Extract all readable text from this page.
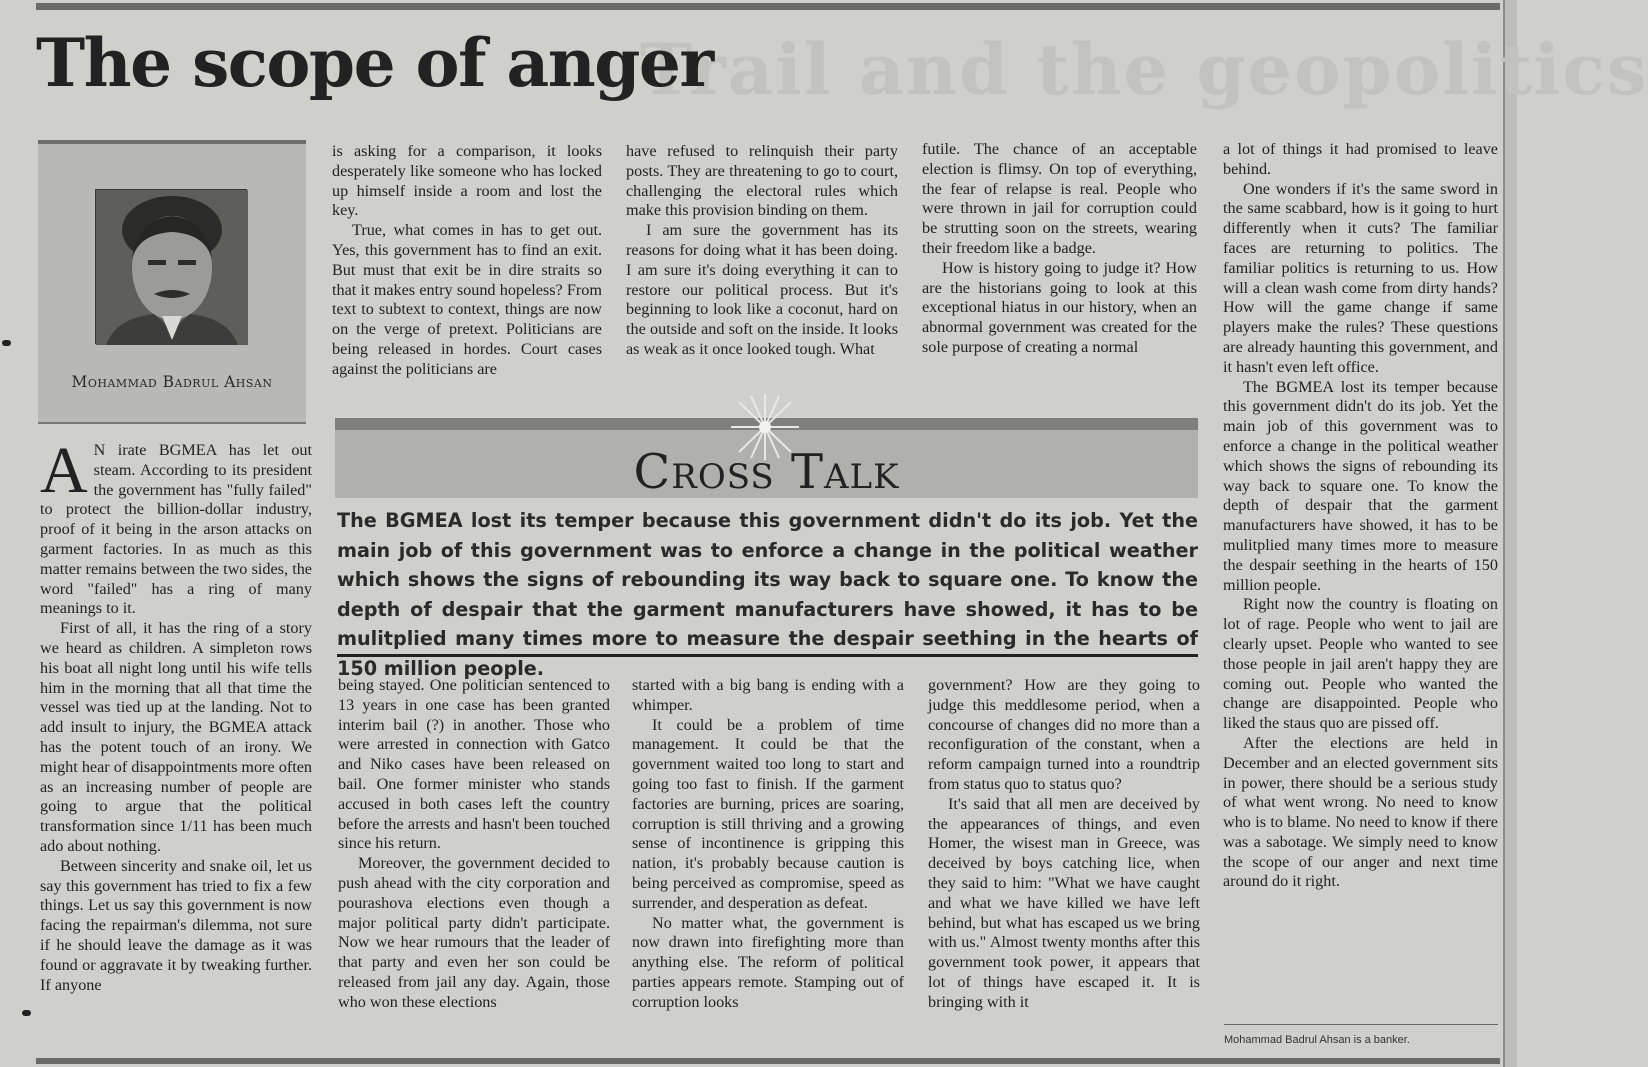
Trail and the geopolitics
The scope of anger
Mohammad Badrul Ahsan

A N irate BGMEA has let out steam. According to its president the government has "fully failed" to protect the billion-dollar industry, proof of it being in the arson attacks on garment factories. In as much as this matter remains between the two sides, the word "failed" has a ring of many meanings to it.

First of all, it has the ring of a story we heard as children. A simpleton rows his boat all night long until his wife tells him in the morning that all that time the vessel was tied up at the landing. Not to add insult to injury, the BGMEA attack has the potent touch of an irony. We might hear of disappointments more often as an increasing number of people are going to argue that the political transformation since 1/11 has been much ado about nothing.

Between sincerity and snake oil, let us say this government has tried to fix a few things. Let us say this government is now facing the repairman's dilemma, not sure if he should leave the damage as it was found or aggravate it by tweaking further. If anyone

is asking for a comparison, it looks desperately like someone who has locked up himself inside a room and lost the key.

True, what comes in has to get out. Yes, this government has to find an exit. But must that exit be in dire straits so that it makes entry sound hopeless? From text to subtext to context, things are now on the verge of pretext. Politicians are being released in hordes. Court cases against the politicians are

have refused to relinquish their party posts. They are threatening to go to court, challenging the electoral rules which make this provision binding on them.

I am sure the government has its reasons for doing what it has been doing. I am sure it's doing everything it can to restore our political process. But it's beginning to look like a coconut, hard on the outside and soft on the inside. It looks as weak as it once looked tough. What

futile. The chance of an acceptable election is flimsy. On top of everything, the fear of relapse is real. People who were thrown in jail for corruption could be strutting soon on the streets, wearing their freedom like a badge.

How is history going to judge it? How are the historians going to look at this exceptional hiatus in our history, when an abnormal government was created for the sole purpose of creating a normal

a lot of things it had promised to leave behind.

One wonders if it's the same sword in the same scabbard, how is it going to hurt differently when it cuts? The familiar faces are returning to politics. The familiar politics is returning to us. How will a clean wash come from dirty hands? How will the game change if same players make the rules? These questions are already haunting this government, and it hasn't even left office.

The BGMEA lost its temper because this government didn't do its job. Yet the main job of this government was to enforce a change in the political weather which shows the signs of rebounding its way back to square one. To know the depth of despair that the garment manufacturers have showed, it has to be mulitplied many times more to measure the despair seething in the hearts of 150 million people.

Right now the country is floating on lot of rage. People who went to jail are clearly upset. People who wanted to see those people in jail aren't happy they are coming out. People who wanted the change are disappointed. People who liked the staus quo are pissed off.

After the elections are held in December and an elected government sits in power, there should be a serious study of what went wrong. No need to know who is to blame. No need to know if there was a sabotage. We simply need to know the scope of our anger and next time around do it right.

Cross Talk
The BGMEA lost its temper because this government didn't do its job. Yet the main job of this government was to enforce a change in the political weather which shows the signs of rebounding its way back to square one. To know the depth of despair that the garment manufacturers have showed, it has to be mulitplied many times more to measure the despair seething in the hearts of 150 million people.

being stayed. One politician sentenced to 13 years in one case has been granted interim bail (?) in another. Those who were arrested in connection with Gatco and Niko cases have been released on bail. One former minister who stands accused in both cases left the country before the arrests and hasn't been touched since his return.

Moreover, the government decided to push ahead with the city corporation and pourashova elections even though a major political party didn't participate. Now we hear rumours that the leader of that party and even her son could be released from jail any day. Again, those who won these elections

started with a big bang is ending with a whimper.

It could be a problem of time management. It could be that the government waited too long to start and going too fast to finish. If the garment factories are burning, prices are soaring, corruption is still thriving and a growing sense of incontinence is gripping this nation, it's probably because caution is being perceived as compromise, speed as surrender, and desperation as defeat.

No matter what, the government is now drawn into firefighting more than anything else. The reform of political parties appears remote. Stamping out of corruption looks

government? How are they going to judge this meddlesome period, when a concourse of changes did no more than a reconfiguration of the constant, when a reform campaign turned into a roundtrip from status quo to status quo?

It's said that all men are deceived by the appearances of things, and even Homer, the wisest man in Greece, was deceived by boys catching lice, when they said to him: "What we have caught and what we have killed we have left behind, but what has escaped us we bring with us." Almost twenty months after this government took power, it appears that lot of things have escaped it. It is bringing with it

Mohammad Badrul Ahsan is a banker.
